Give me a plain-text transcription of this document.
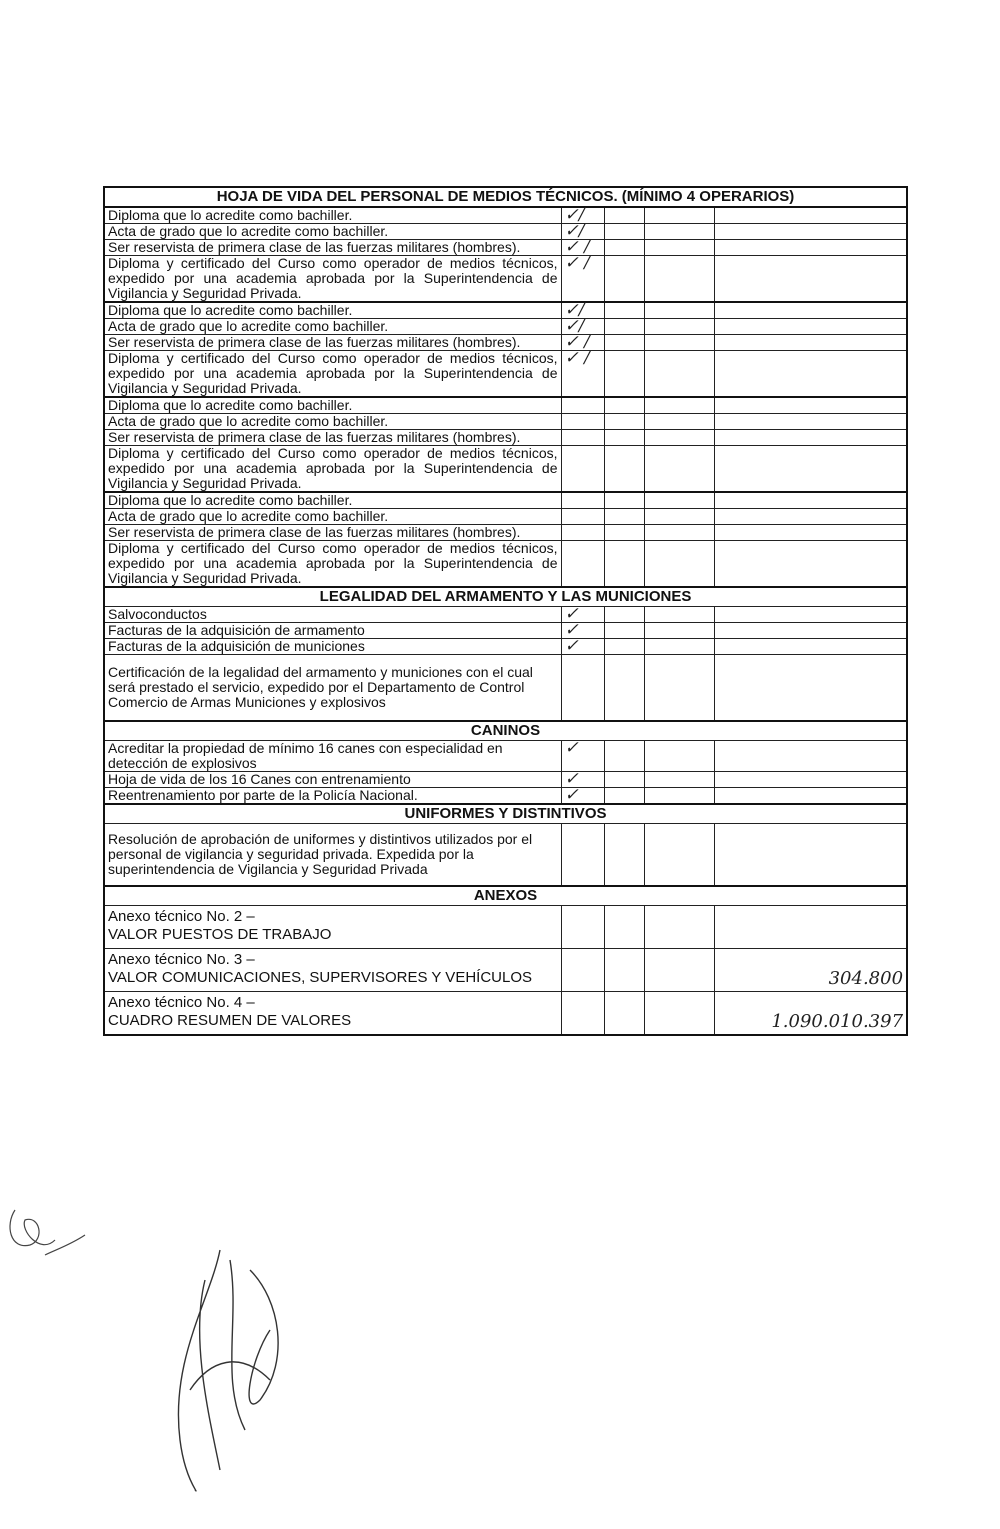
HOJA DE VIDA DEL PERSONAL DE MEDIOS TÉCNICOS. (MÍNIMO 4 OPERARIOS)				
Diploma que lo acredite como bachiller.	✓/			
Acta de grado que lo acredite como bachiller.	✓/			
Ser reservista de primera clase de las fuerzas militares (hombres).	✓ /			
Diploma y certificado del Curso como operador de medios técnicos, expedido por una academia aprobada por la Superintendencia de Vigilancia y Seguridad Privada.	✓ /			
Diploma que lo acredite como bachiller.	✓/			
Acta de grado que lo acredite como bachiller.	✓/			
Ser reservista de primera clase de las fuerzas militares (hombres).	✓ /			
Diploma y certificado del Curso como operador de medios técnicos, expedido por una academia aprobada por la Superintendencia de Vigilancia y Seguridad Privada.	✓ /			
Diploma que lo acredite como bachiller.				
Acta de grado que lo acredite como bachiller.				
Ser reservista de primera clase de las fuerzas militares (hombres).				
Diploma y certificado del Curso como operador de medios técnicos, expedido por una academia aprobada por la Superintendencia de Vigilancia y Seguridad Privada.				
Diploma que lo acredite como bachiller.				
Acta de grado que lo acredite como bachiller.				
Ser reservista de primera clase de las fuerzas militares (hombres).				
Diploma y certificado del Curso como operador de medios técnicos, expedido por una academia aprobada por la Superintendencia de Vigilancia y Seguridad Privada.				
LEGALIDAD DEL ARMAMENTO Y LAS MUNICIONES				
Salvoconductos	✓			
Facturas de la adquisición de armamento	✓			
Facturas de la adquisición de municiones	✓			
Certificación de la legalidad del armamento y municiones con el cual será prestado el servicio, expedido por el Departamento de Control Comercio de Armas Municiones y explosivos				
CANINOS				
Acreditar la propiedad de mínimo 16 canes con especialidad en detección de explosivos	✓			
Hoja de vida de los 16 Canes con entrenamiento	✓			
Reentrenamiento por parte de la Policía Nacional.	✓			
UNIFORMES Y DISTINTIVOS				
Resolución de aprobación de uniformes y distintivos utilizados por el personal de vigilancia y seguridad privada. Expedida por la superintendencia de Vigilancia y Seguridad Privada				
ANEXOS				

Anexo técnico No. 2 –
VALOR PUESTOS DE TRABAJO				

Anexo técnico No. 3 –
VALOR COMUNICACIONES, SUPERVISORES Y VEHÍCULOS				304.800

Anexo técnico No. 4 –
CUADRO RESUMEN DE VALORES				1.090.010.397
